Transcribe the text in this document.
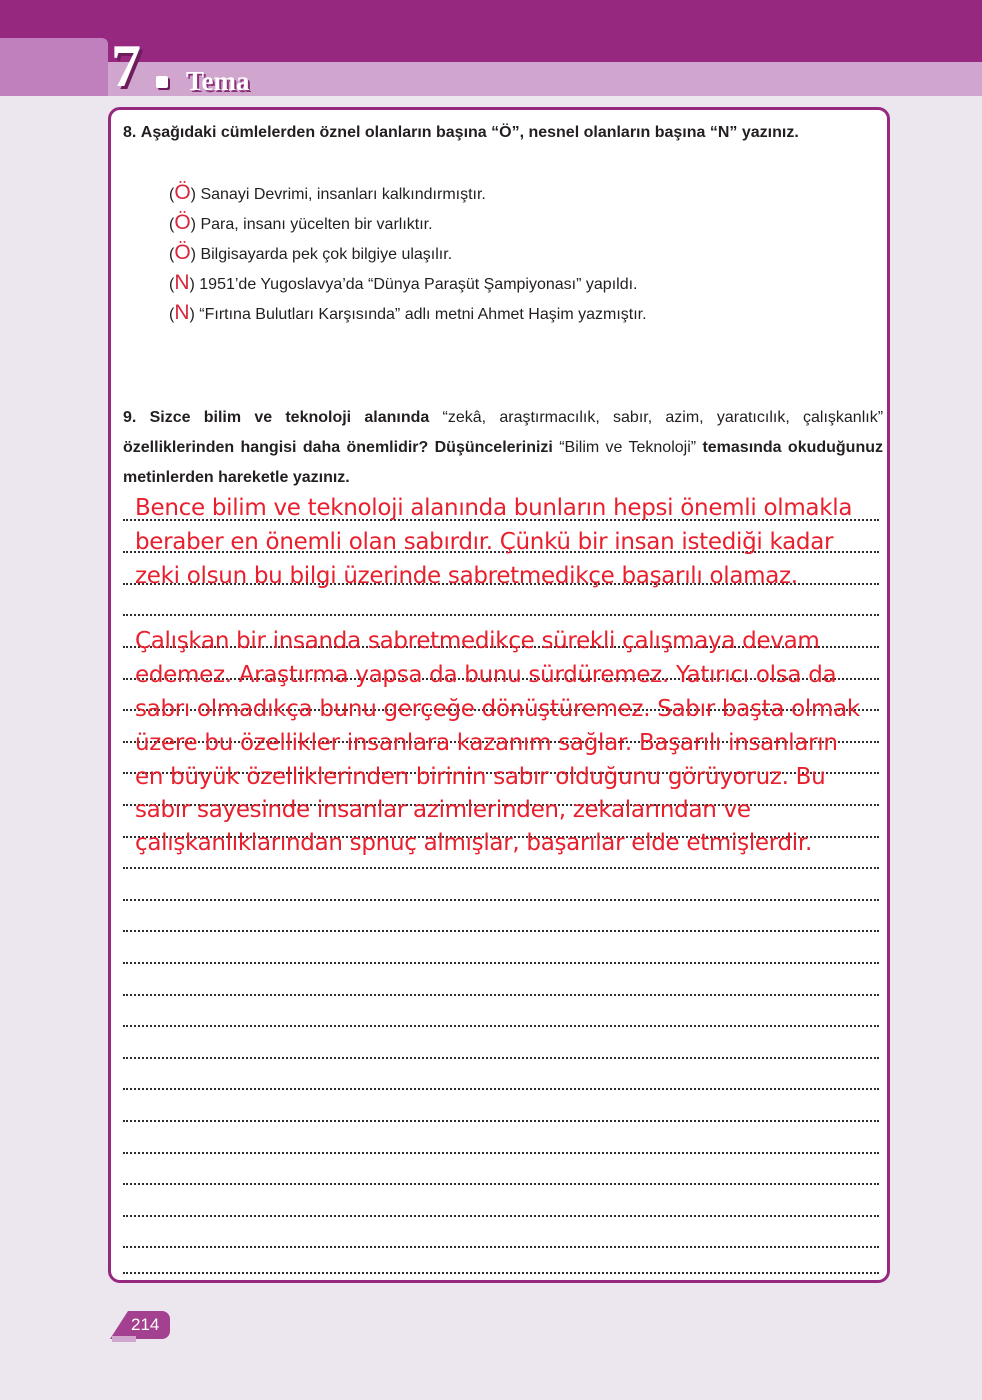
7 Tema
8. Aşağıdaki cümlelerden öznel olanların başına “Ö”, nesnel olanların başına “N” yazınız.
(Ö) Sanayi Devrimi, insanları kalkındırmıştır.
(Ö) Para, insanı yücelten bir varlıktır.
(Ö) Bilgisayarda pek çok bilgiye ulaşılır.
(N) 1951’de Yugoslavya’da “Dünya Paraşüt Şampiyonası” yapıldı.
(N) “Fırtına Bulutları Karşısında” adlı metni Ahmet Haşim yazmıştır.
9. Sizce bilim ve teknoloji alanında “zekâ, araştırmacılık, sabır, azim, yaratıcılık, çalışkanlık” özelliklerinden hangisi daha önemlidir? Düşüncelerinizi “Bilim ve Teknoloji” temasında okuduğunuz metinlerden hareketle yazınız.
Bence bilim ve teknoloji alanında bunların hepsi önemli olmakla
beraber en önemli olan sabırdır. Çünkü bir insan istediği kadar
zeki olsun bu bilgi üzerinde sabretmedikçe başarılı olamaz.
Çalışkan bir insanda sabretmedikçe sürekli çalışmaya devam
edemez. Araştırma yapsa da bunu sürdüremez. Yatırıcı olsa da
sabrı olmadıkça bunu gerçeğe dönüştüremez. Sabır başta olmak
üzere bu özellikler insanlara kazanım sağlar. Başarılı insanların
en büyük özelliklerinden birinin sabır olduğunu görüyoruz. Bu
sabır sayesinde insanlar azimlerinden, zekalarından ve
çalışkanlıklarından spnuç almışlar, başarılar elde etmişlerdir.
214
